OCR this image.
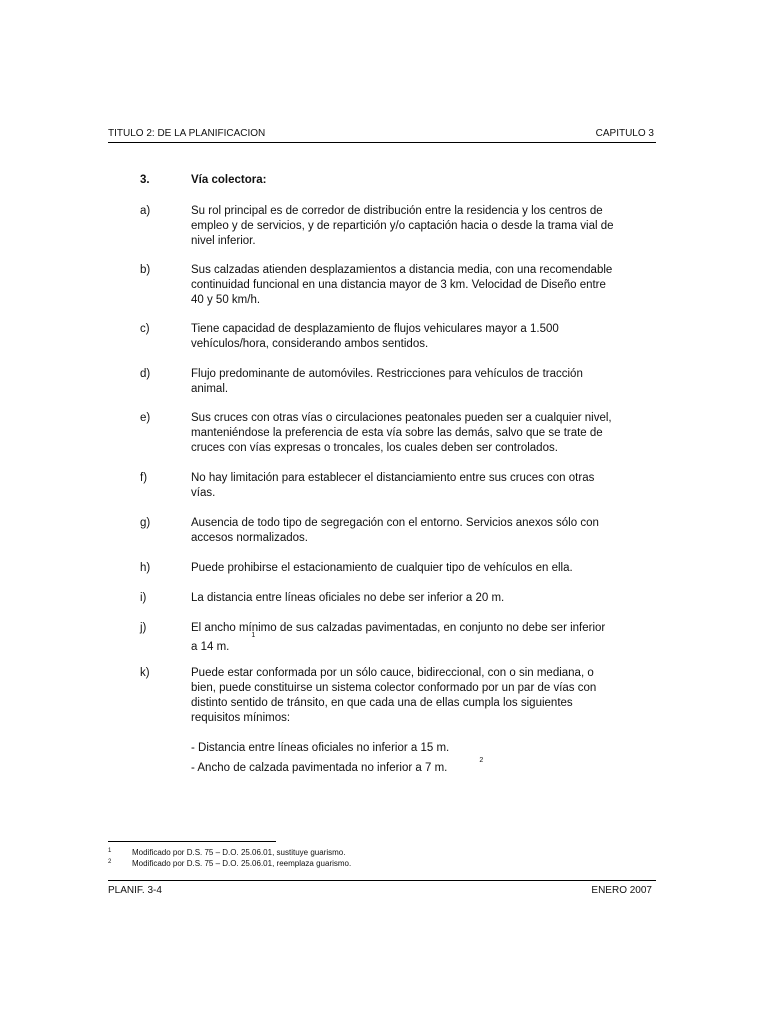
TITULO 2: DE LA PLANIFICACION	CAPITULO 3
3.	Vía colectora:
a)	Su rol principal es de corredor de distribución entre la residencia y los centros de
empleo y de servicios, y de repartición y/o captación hacia o desde la trama vial de
nivel inferior.
b)	Sus calzadas atienden desplazamientos a distancia media, con una recomendable
continuidad funcional en una distancia mayor de 3 km. Velocidad de Diseño entre
40 y 50 km/h.
c)	Tiene capacidad de desplazamiento de flujos vehiculares mayor a 1.500
vehículos/hora, considerando ambos sentidos.
d)	Flujo predominante de automóviles. Restricciones para vehículos de tracción
animal.
e)	Sus cruces con otras vías o circulaciones peatonales pueden ser a cualquier nivel,
manteniéndose la preferencia de esta vía sobre las demás, salvo que se trate de
cruces con vías expresas o troncales, los cuales deben ser controlados.
f)	No hay limitación para establecer el distanciamiento entre sus cruces con otras
vías.
g)	Ausencia de todo tipo de segregación con el entorno. Servicios anexos sólo con
accesos normalizados.
h)	Puede prohibirse el estacionamiento de cualquier tipo de vehículos en ella.
i)	La distancia entre líneas oficiales no debe ser inferior a 20 m.
j)	El ancho mínimo de sus calzadas pavimentadas, en conjunto no debe ser inferior
a 14 m.$^1$
k)	Puede estar conformada por un sólo cauce, bidireccional, con o sin mediana, o
bien, puede constituirse un sistema colector conformado por un par de vías con
distinto sentido de tránsito, en que cada una de ellas cumpla los siguientes
requisitos mínimos:
- Distancia entre líneas oficiales no inferior a 15 m.
- Ancho de calzada pavimentada no inferior a 7 m.$^2$
1	Modificado por D.S. 75 – D.O. 25.06.01, sustituye guarismo.
2	Modificado por D.S. 75 – D.O. 25.06.01, reemplaza guarismo.
PLANIF. 3-4	ENERO 2007
